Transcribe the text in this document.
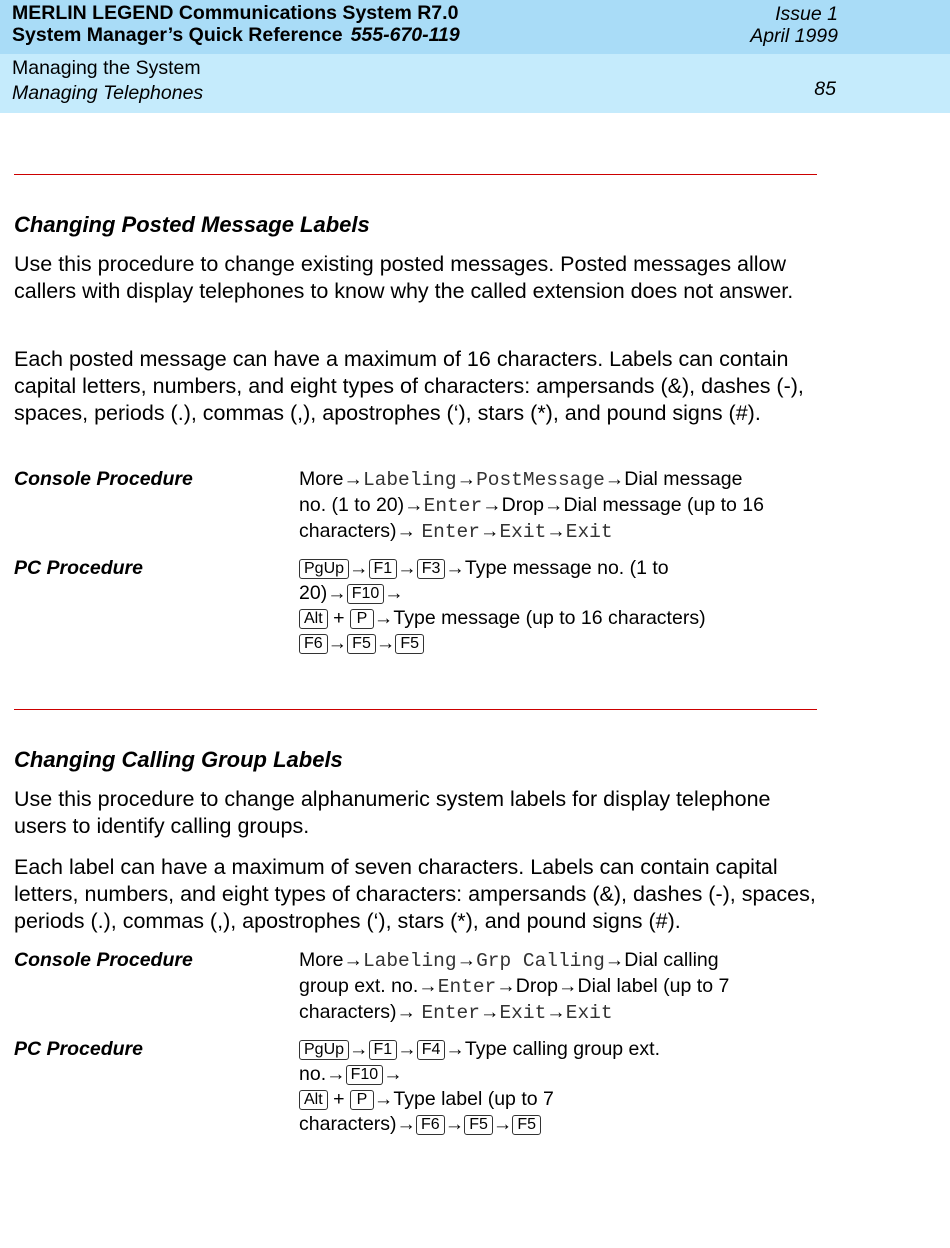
MERLIN LEGEND Communications System R7.0
System Manager’s Quick Reference 555-670-119
Issue 1
April 1999
Managing the System
Managing Telephones	85
Changing Posted Message Labels
Use this procedure to change existing posted messages. Posted messages allow callers with display telephones to know why the called extension does not answer.
Each posted message can have a maximum of 16 characters. Labels can contain capital letters, numbers, and eight types of characters: ampersands (&), dashes (-), spaces, periods (.), commas (,), apostrophes (‘), stars (*), and pound signs (#).
Console Procedure	More→Labeling→PostMessage→Dial message
no. (1 to 20)→Enter→Drop→Dial message (up to 16
characters)→ Enter→Exit→Exit
PC Procedure	PgUp → F1 → F3 →Type message no. (1 to
20)→ F10 →
Alt + P →Type message (up to 16 characters)
F6 → F5 → F5
Changing Calling Group Labels
Use this procedure to change alphanumeric system labels for display telephone users to identify calling groups.
Each label can have a maximum of seven characters. Labels can contain capital letters, numbers, and eight types of characters: ampersands (&), dashes (-), spaces, periods (.), commas (,), apostrophes (‘), stars (*), and pound signs (#).
Console Procedure	More→Labeling→Grp Calling→Dial calling
group ext. no.→Enter→Drop→Dial label (up to 7
characters)→ Enter→Exit→Exit
PC Procedure	PgUp → F1 → F4 →Type calling group ext.
no.→ F10 →
Alt + P →Type label (up to 7
characters)→ F6 → F5 → F5
